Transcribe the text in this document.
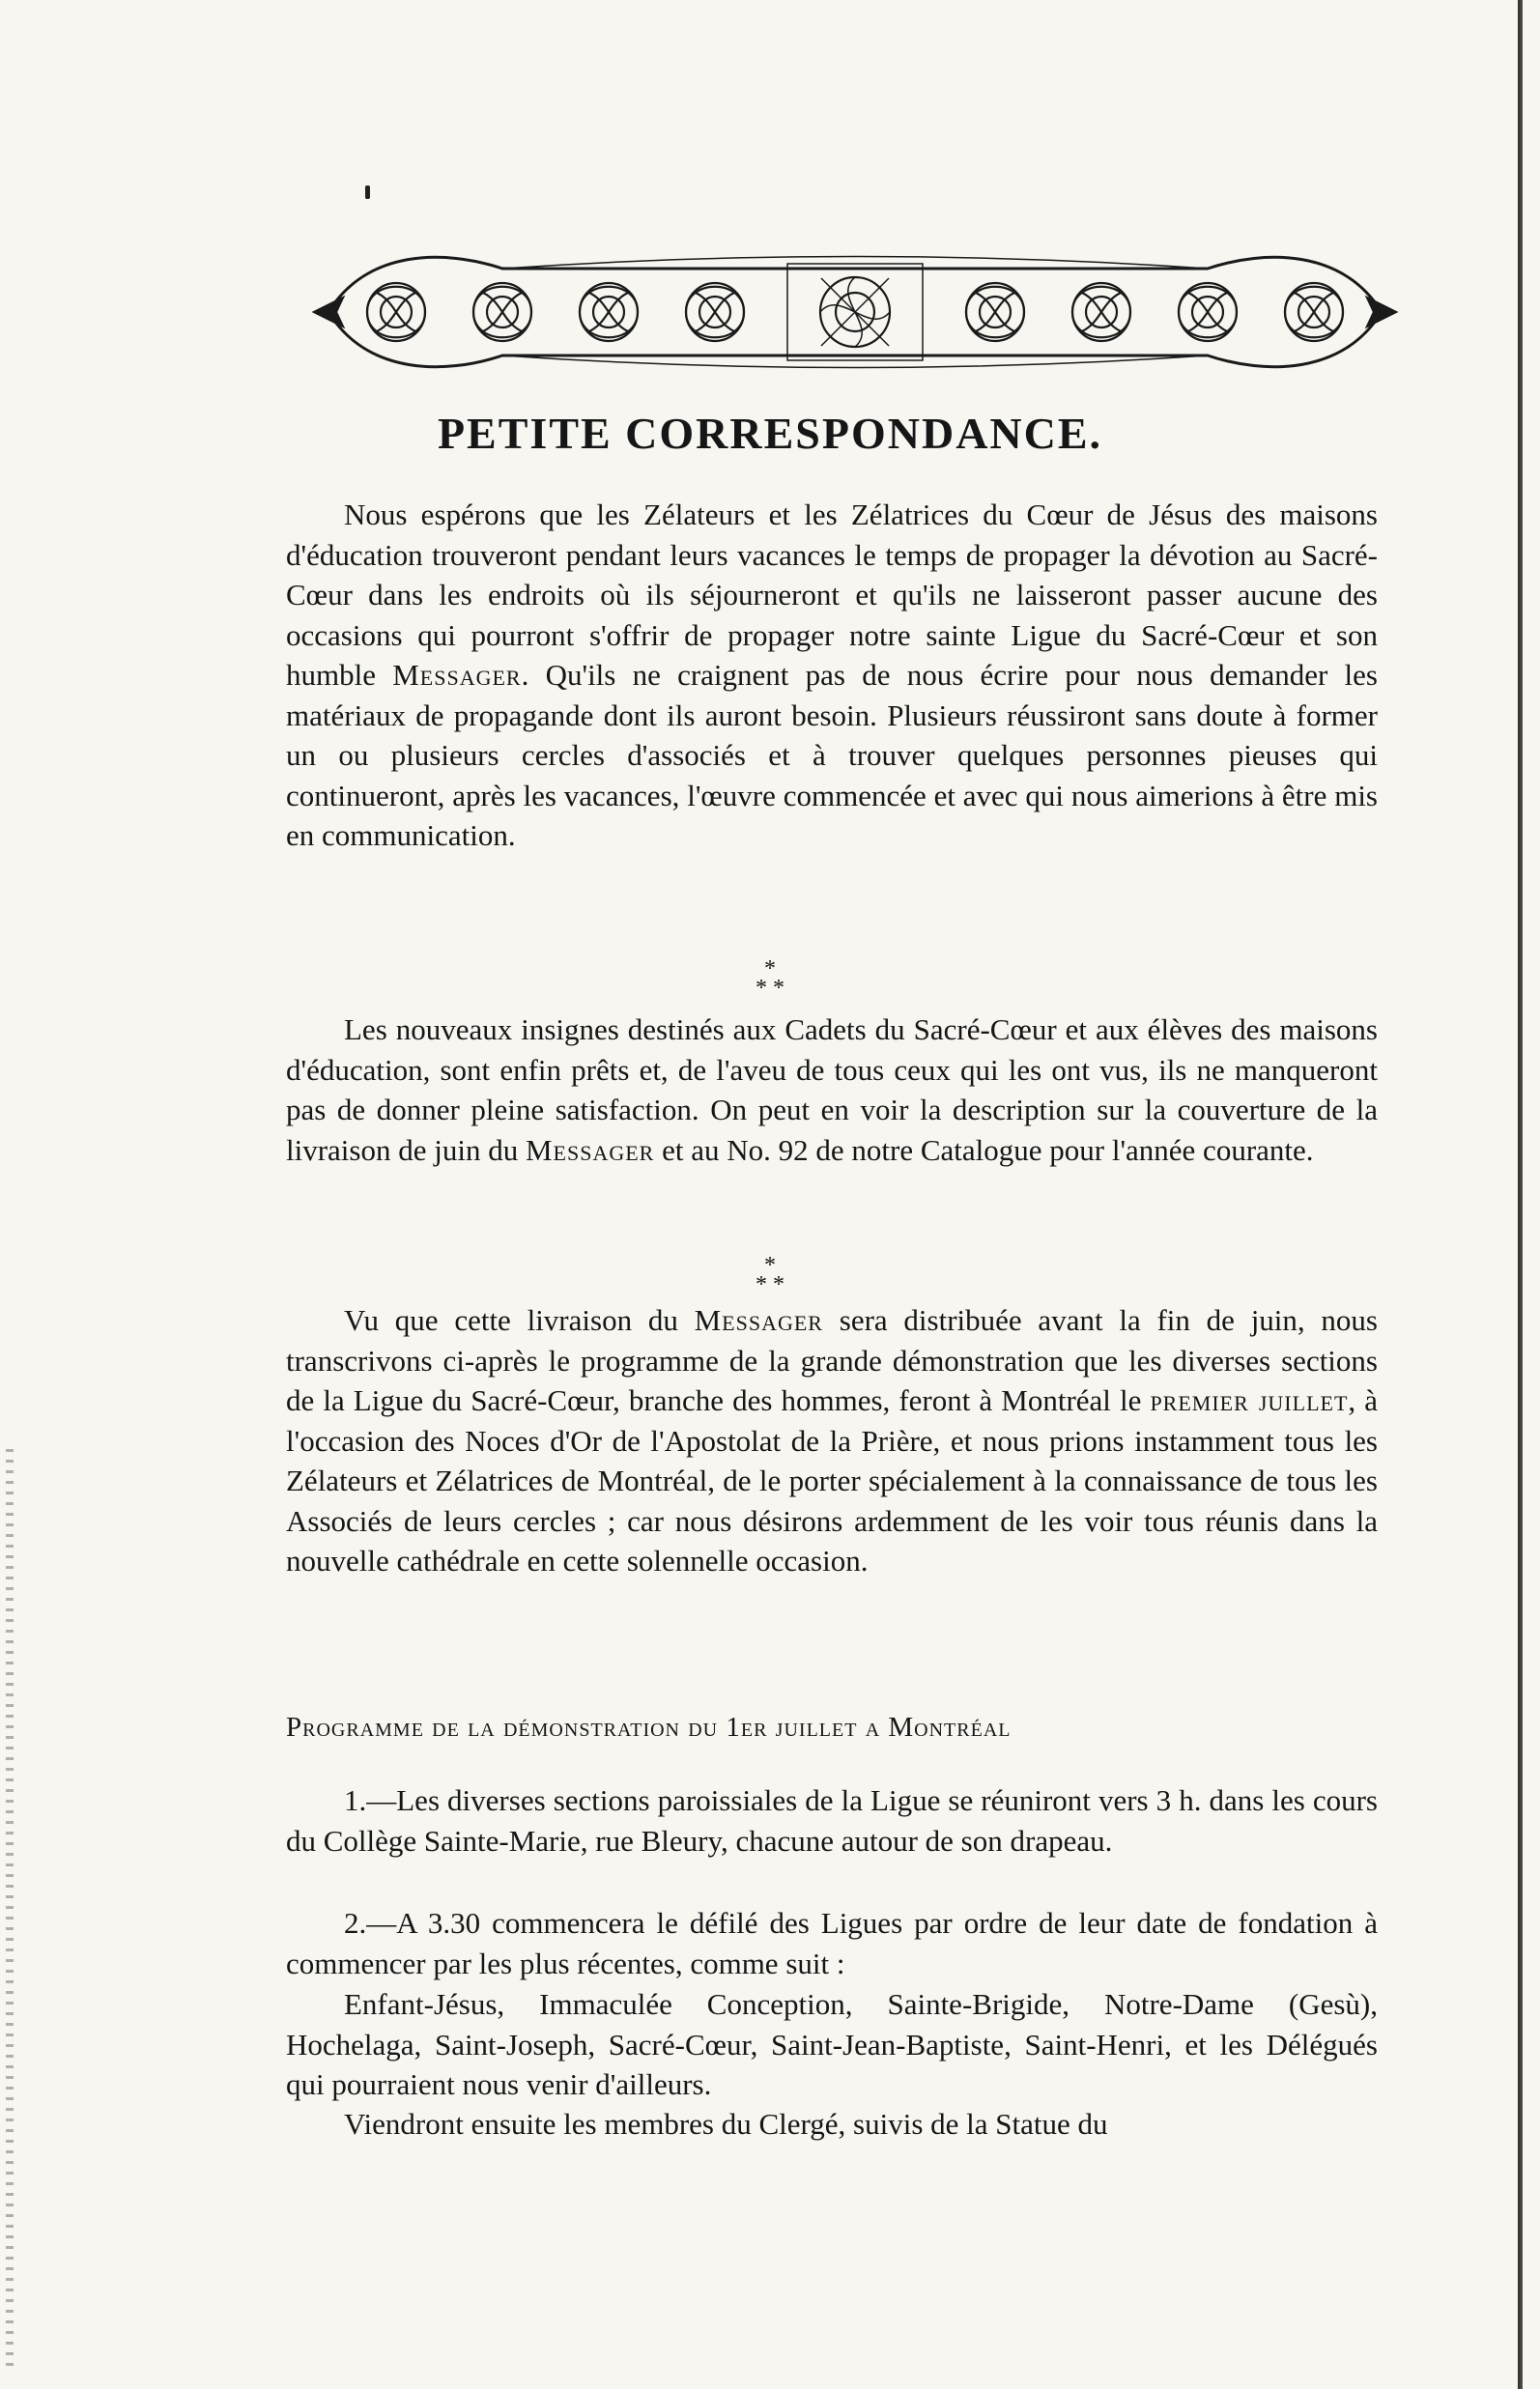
PETITE CORRESPONDANCE.

Nous espérons que les Zélateurs et les Zélatrices du Cœur de Jésus des maisons d'éducation trouveront pendant leurs vacances le temps de propager la dévotion au Sacré-Cœur dans les endroits où ils séjourneront et qu'ils ne laisseront passer aucune des occasions qui pourront s'offrir de propager notre sainte Ligue du Sacré-Cœur et son humble Messager. Qu'ils ne craignent pas de nous écrire pour nous demander les matériaux de propagande dont ils auront besoin. Plusieurs réussiront sans doute à former un ou plusieurs cercles d'associés et à trouver quelques personnes pieuses qui continueront, après les vacances, l'œuvre commencée et avec qui nous aimerions à être mis en communication.

*
* *

Les nouveaux insignes destinés aux Cadets du Sacré-Cœur et aux élèves des maisons d'éducation, sont enfin prêts et, de l'aveu de tous ceux qui les ont vus, ils ne manqueront pas de donner pleine satisfaction. On peut en voir la description sur la couverture de la livraison de juin du Messager et au No. 92 de notre Catalogue pour l'année courante.

*
* *

Vu que cette livraison du Messager sera distribuée avant la fin de juin, nous transcrivons ci-après le programme de la grande démonstration que les diverses sections de la Ligue du Sacré-Cœur, branche des hommes, feront à Montréal le premier juillet, à l'occasion des Noces d'Or de l'Apostolat de la Prière, et nous prions instamment tous les Zélateurs et Zélatrices de Montréal, de le porter spécialement à la connaissance de tous les Associés de leurs cercles ; car nous désirons ardemment de les voir tous réunis dans la nouvelle cathédrale en cette solennelle occasion.

Programme de la démonstration du 1er juillet a Montréal

1.—Les diverses sections paroissiales de la Ligue se réuniront vers 3 h. dans les cours du Collège Sainte-Marie, rue Bleury, chacune autour de son drapeau.

2.—A 3.30 commencera le défilé des Ligues par ordre de leur date de fondation à commencer par les plus récentes, comme suit :

Enfant-Jésus, Immaculée Conception, Sainte-Brigide, Notre-Dame (Gesù), Hochelaga, Saint-Joseph, Sacré-Cœur, Saint-Jean-Baptiste, Saint-Henri, et les Délégués qui pourraient nous venir d'ailleurs.

Viendront ensuite les membres du Clergé, suivis de la Statue du
